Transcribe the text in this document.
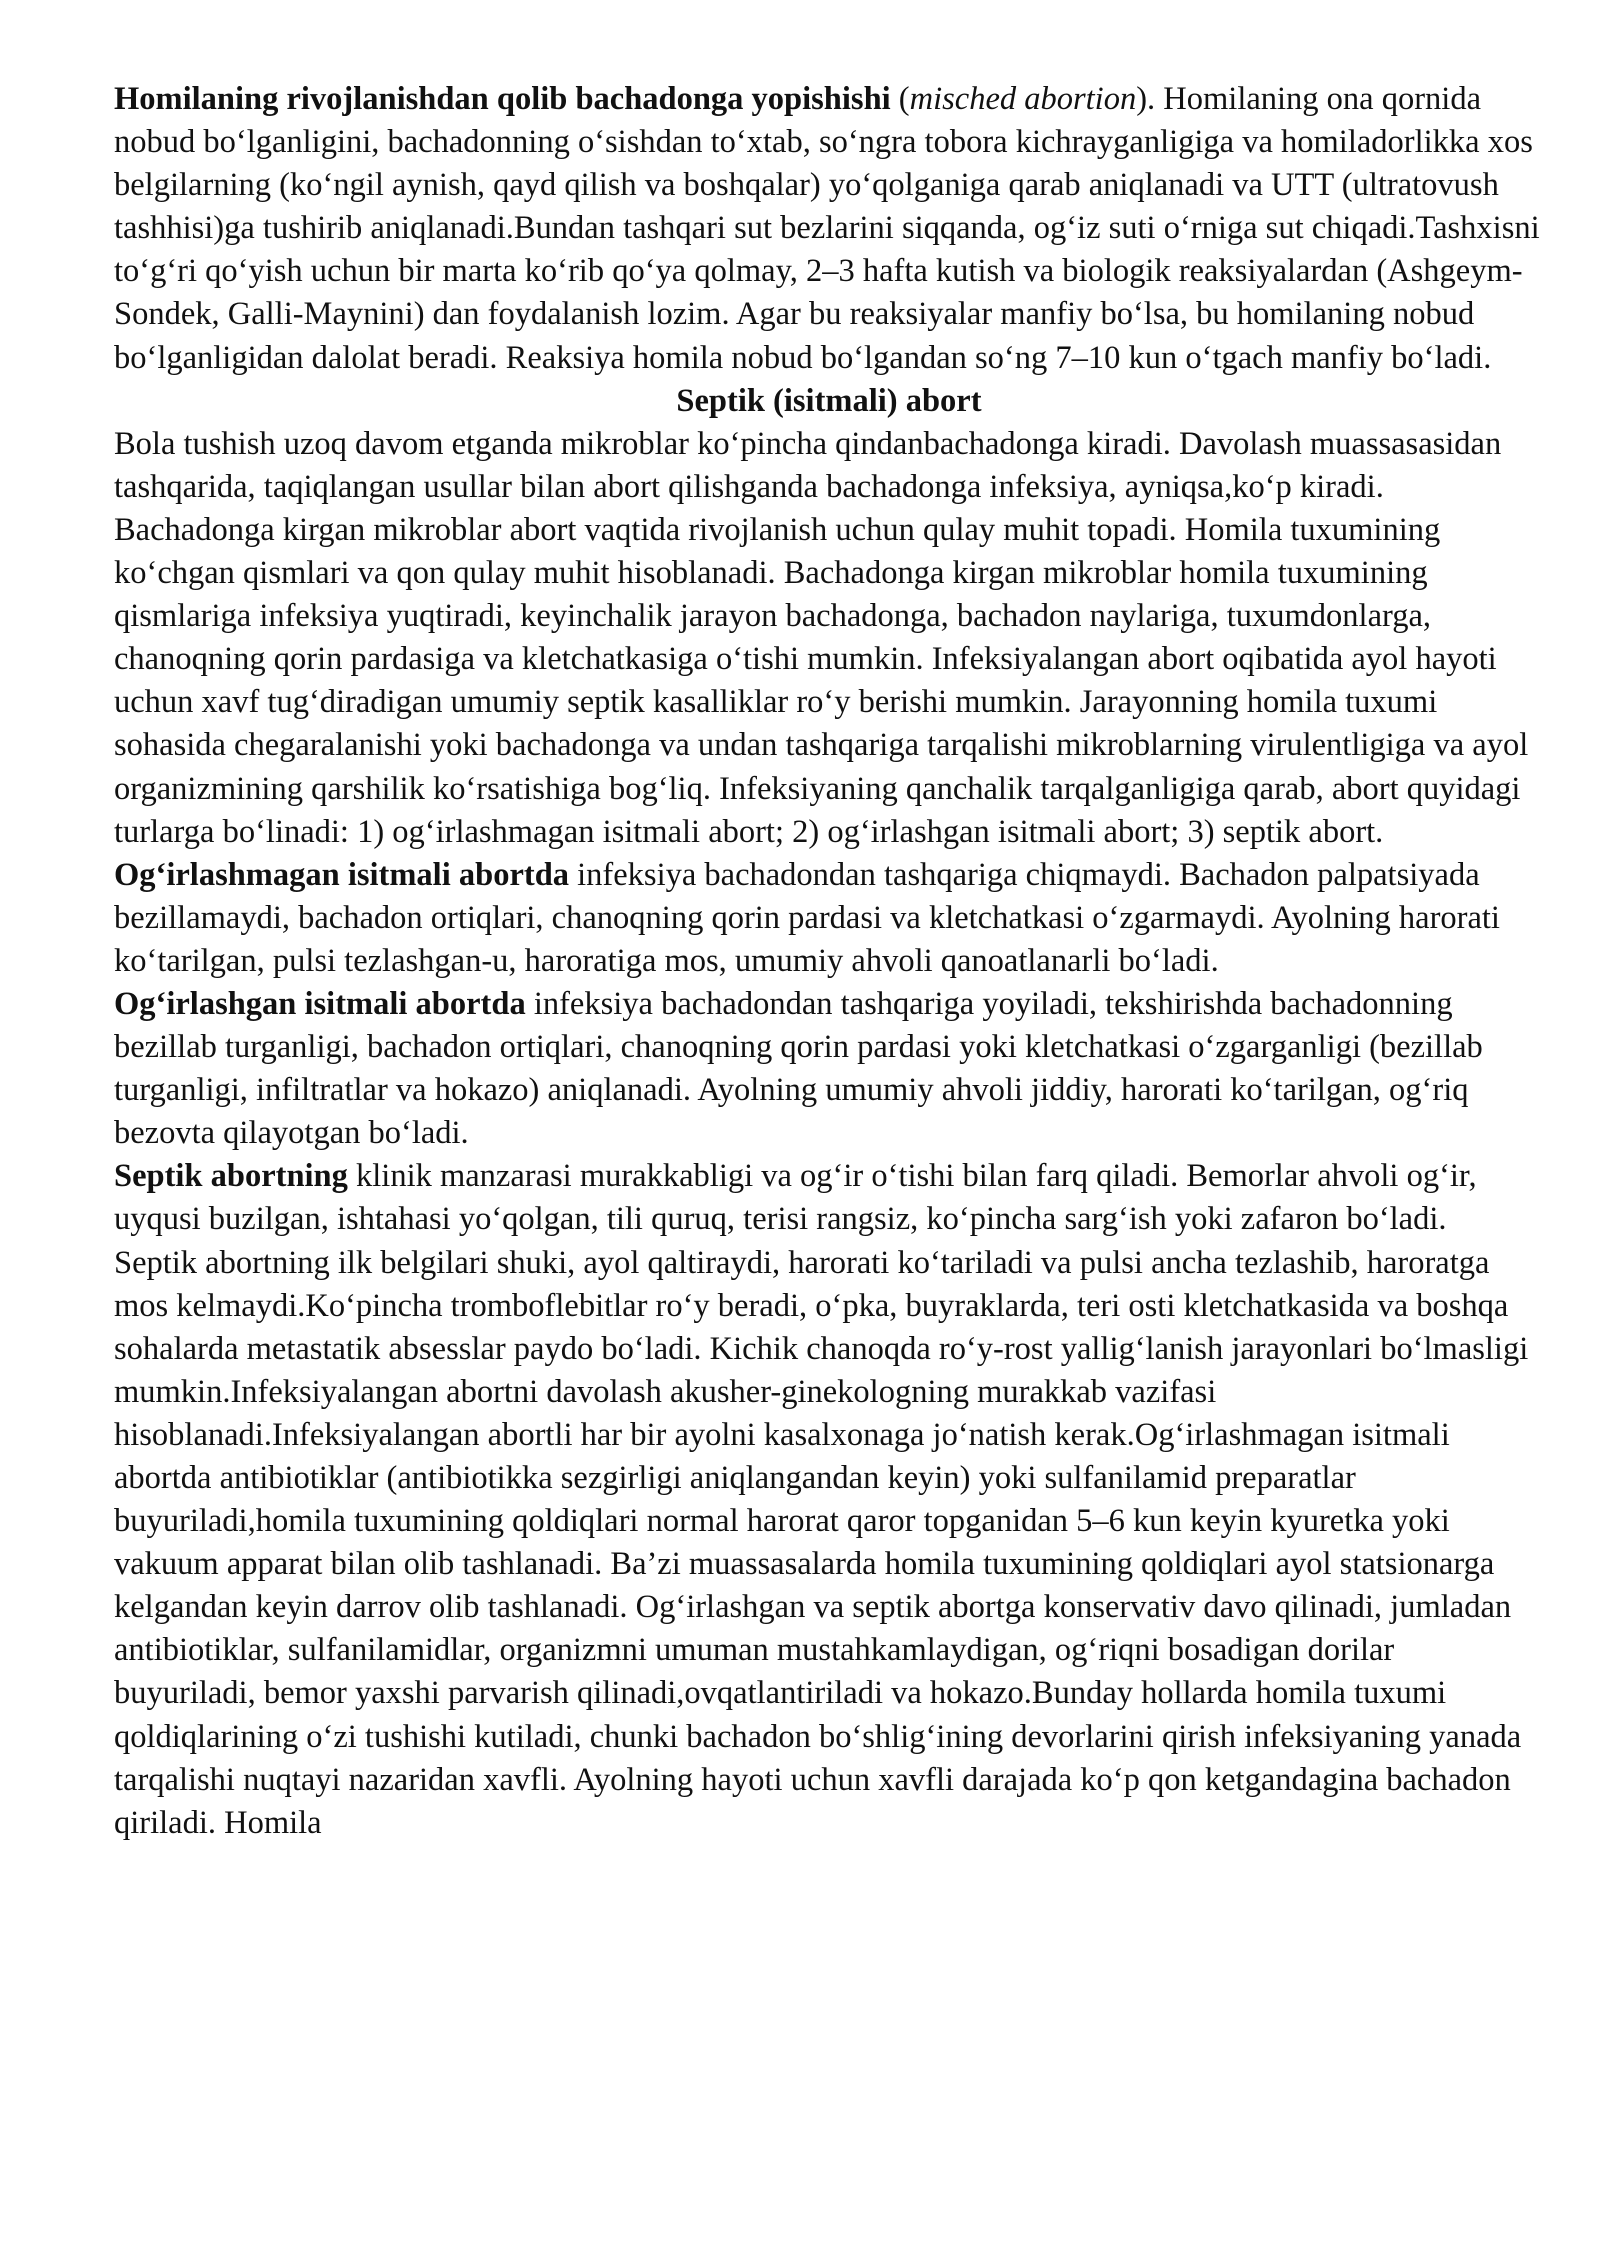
Homilaning rivojlanishdan qolib bachadonga yopishishi (misched abortion). Homilaning ona qornida nobud bo‘lganligini, bachadonning o‘sishdan to‘xtab, so‘ngra tobora kichrayganligiga va homiladorlikka xos belgilarning (ko‘ngil aynish, qayd qilish va boshqalar) yo‘qolganiga qarab aniqlanadi va UTT (ultratovush tashhisi)ga tushirib aniqlanadi.Bundan tashqari sut bezlarini siqqanda, og‘iz suti o‘rniga sut chiqadi.Tashxisni to‘g‘ri qo‘yish uchun bir marta ko‘rib qo‘ya qolmay, 2–3 hafta kutish va biologik reaksiyalardan (Ashgeym-Sondek, Galli-Maynini) dan foydalanish lozim. Agar bu reaksiyalar manfiy bo‘lsa, bu homilaning nobud bo‘lganligidan dalolat beradi. Reaksiya homila nobud bo‘lgandan so‘ng 7–10 kun o‘tgach manfiy bo‘ladi.

Septik (isitmali) abort

Bola tushish uzoq davom etganda mikroblar ko‘pincha qindanbachadonga kiradi. Davolash muassasasidan tashqarida, taqiqlangan usullar bilan abort qilishganda bachadonga infeksiya, ayniqsa,ko‘p kiradi. Bachadonga kirgan mikroblar abort vaqtida rivojlanish uchun qulay muhit topadi. Homila tuxumining ko‘chgan qismlari va qon qulay muhit hisoblanadi. Bachadonga kirgan mikroblar homila tuxumining qismlariga infeksiya yuqtiradi, keyinchalik jarayon bachadonga, bachadon naylariga, tuxumdonlarga, chanoqning qorin pardasiga va kletchatkasiga o‘tishi mumkin. Infeksiyalangan abort oqibatida ayol hayoti uchun xavf tug‘diradigan umumiy septik kasalliklar ro‘y berishi mumkin. Jarayonning homila tuxumi sohasida chegaralanishi yoki bachadonga va undan tashqariga tarqalishi mikroblarning virulentligiga va ayol organizmining qarshilik ko‘rsatishiga bog‘liq. Infeksiyaning qanchalik tarqalganligiga qarab, abort quyidagi turlarga bo‘linadi: 1) og‘irlashmagan isitmali abort; 2) og‘irlashgan isitmali abort; 3) septik abort.

Og‘irlashmagan isitmali abortda infeksiya bachadondan tashqariga chiqmaydi. Bachadon palpatsiyada bezillamaydi, bachadon ortiqlari, chanoqning qorin pardasi va kletchatkasi o‘zgarmaydi. Ayolning harorati ko‘tarilgan, pulsi tezlashgan-u, haroratiga mos, umumiy ahvoli qanoatlanarli bo‘ladi.

Og‘irlashgan isitmali abortda infeksiya bachadondan tashqariga yoyiladi, tekshirishda bachadonning bezillab turganligi, bachadon ortiqlari, chanoqning qorin pardasi yoki kletchatkasi o‘zgarganligi (bezillab turganligi, infiltratlar va hokazo) aniqlanadi. Ayolning umumiy ahvoli jiddiy, harorati ko‘tarilgan, og‘riq bezovta qilayotgan bo‘ladi.

Septik abortning klinik manzarasi murakkabligi va og‘ir o‘tishi bilan farq qiladi. Bemorlar ahvoli og‘ir, uyqusi buzilgan, ishtahasi yo‘qolgan, tili quruq, terisi rangsiz, ko‘pincha sarg‘ish yoki zafaron bo‘ladi.

Septik abortning ilk belgilari shuki, ayol qaltiraydi, harorati ko‘tariladi va pulsi ancha tezlashib, haroratga mos kelmaydi.Ko‘pincha tromboflebitlar ro‘y beradi, o‘pka, buyraklarda, teri osti kletchatkasida va boshqa sohalarda metastatik absesslar paydo bo‘ladi. Kichik chanoqda ro‘y-rost yallig‘lanish jarayonlari bo‘lmasligi mumkin.Infeksiyalangan abortni davolash akusher-ginekologning murakkab vazifasi hisoblanadi.Infeksiyalangan abortli har bir ayolni kasalxonaga jo‘natish kerak.Og‘irlashmagan isitmali abortda antibiotiklar (antibiotikka sezgirligi aniqlangandan keyin) yoki sulfanilamid preparatlar buyuriladi,homila tuxumining qoldiqlari normal harorat qaror topganidan 5–6 kun keyin kyuretka yoki vakuum apparat bilan olib tashlanadi. Ba’zi muassasalarda homila tuxumining qoldiqlari ayol statsionarga kelgandan keyin darrov olib tashlanadi. Og‘irlashgan va septik abortga konservativ davo qilinadi, jumladan antibiotiklar, sulfanilamidlar, organizmni umuman mustahkamlaydigan, og‘riqni bosadigan dorilar buyuriladi, bemor yaxshi parvarish qilinadi,ovqatlantiriladi va hokazo.Bunday hollarda homila tuxumi qoldiqlarining o‘zi tushishi kutiladi, chunki bachadon bo‘shlig‘ining devorlarini qirish infeksiyaning yanada tarqalishi nuqtayi nazaridan xavfli. Ayolning hayoti uchun xavfli darajada ko‘p qon ketgandagina bachadon qiriladi. Homila
